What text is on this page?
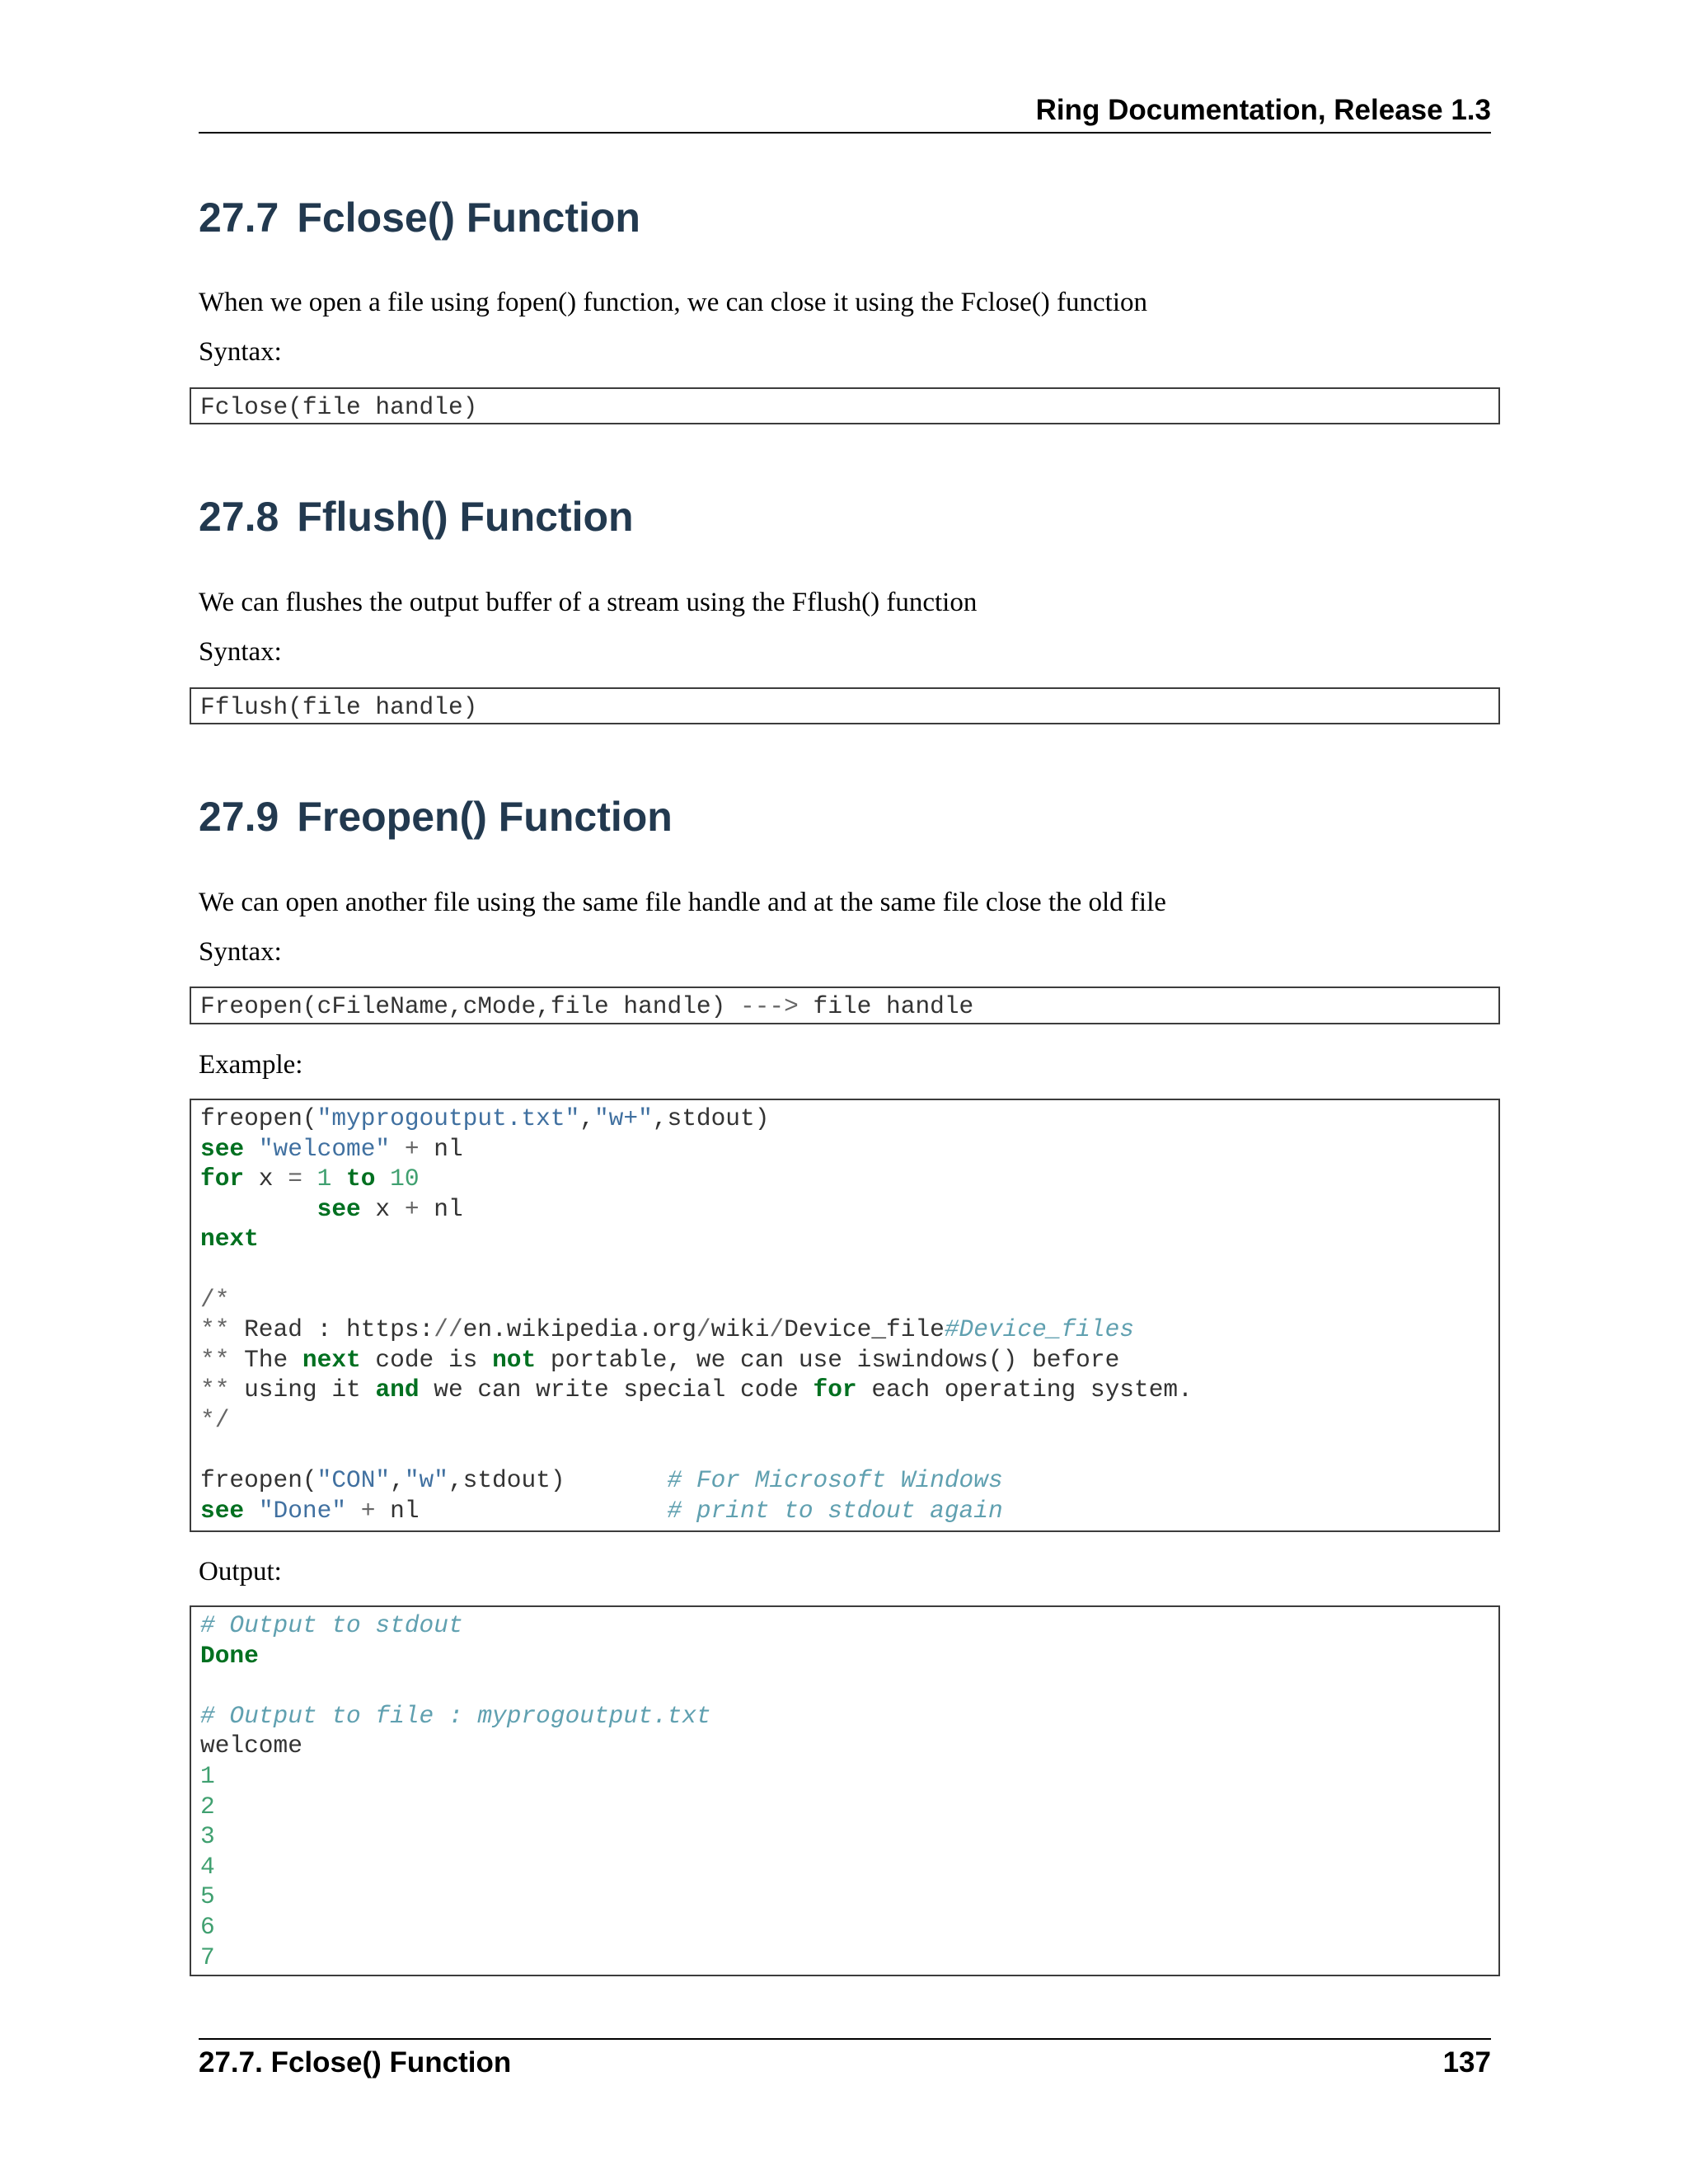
Ring Documentation, Release 1.3
27.7 Fclose() Function

When we open a file using fopen() function, we can close it using the Fclose() function

Syntax:

Fclose(file handle)
27.8 Fflush() Function

We can flushes the output buffer of a stream using the Fflush() function

Syntax:

Fflush(file handle)
27.9 Freopen() Function

We can open another file using the same file handle and at the same file close the old file

Syntax:

Freopen(cFileName,cMode,file handle) ---> file handle

Example:

freopen("myprogoutput.txt","w+",stdout)
see "welcome" + nl
for x = 1 to 10
see x + nl
next
/*
** Read : https://en.wikipedia.org/wiki/Device_file#Device_files
** The next code is not portable, we can use iswindows() before
** using it and we can write special code for each operating system.
*/
freopen("CON","w",stdout)       # For Microsoft Windows
see "Done" + nl                 # print to stdout again

Output:

# Output to stdout
Done
# Output to file : myprogoutput.txt
welcome
1
2
3
4
5
6
7
27.7. Fclose() Function	137
